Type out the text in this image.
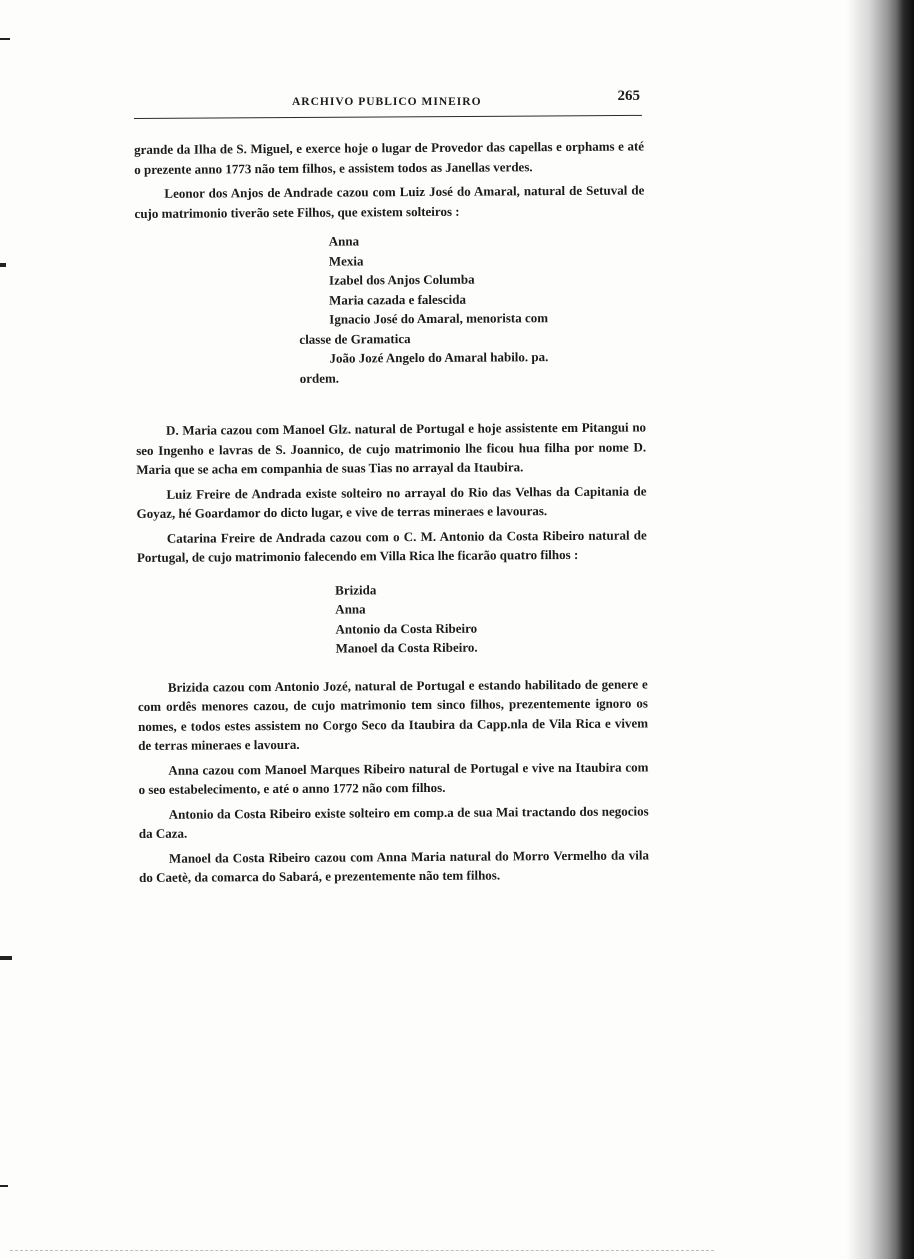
ARCHIVO PUBLICO MINEIRO	265

grande da Ilha de S. Miguel, e exerce hoje o lugar de Provedor das capellas e orphams e até o prezente anno 1773 não tem filhos, e assistem todos as Janellas verdes.

Leonor dos Anjos de Andrade cazou com Luiz José do Amaral, natural de Setuval de cujo matrimonio tiverão sete Filhos, que existem solteiros :

Anna
Mexia
Izabel dos Anjos Columba
Maria cazada e falescida
Ignacio José do Amaral, menorista com
classe de Gramatica
João Jozé Angelo do Amaral habilo. pa.
ordem.

D. Maria cazou com Manoel Glz. natural de Portugal e hoje assistente em Pitangui no seo Ingenho e lavras de S. Joannico, de cujo matrimonio lhe ficou hua filha por nome D. Maria que se acha em companhia de suas Tias no arrayal da Itaubira.

Luiz Freire de Andrada existe solteiro no arrayal do Rio das Velhas da Capitania de Goyaz, hé Goardamor do dicto lugar, e vive de terras mineraes e lavouras.

Catarina Freire de Andrada cazou com o C. M. Antonio da Costa Ribeiro natural de Portugal, de cujo matrimonio falecendo em Villa Rica lhe ficarão quatro filhos :

Brizida
Anna
Antonio da Costa Ribeiro
Manoel da Costa Ribeiro.

Brizida cazou com Antonio Jozé, natural de Portugal e estando habilitado de genere e com ordês menores cazou, de cujo matrimonio tem sinco filhos, prezentemente ignoro os nomes, e todos estes assistem no Corgo Seco da Itaubira da Capp.nla de Vila Rica e vivem de terras mineraes e lavoura.

Anna cazou com Manoel Marques Ribeiro natural de Portugal e vive na Itaubira com o seo estabelecimento, e até o anno 1772 não com filhos.

Antonio da Costa Ribeiro existe solteiro em comp.a de sua Mai tractando dos negocios da Caza.

Manoel da Costa Ribeiro cazou com Anna Maria natural do Morro Vermelho da vila do Caetè, da comarca do Sabará, e prezentemente não tem filhos.
